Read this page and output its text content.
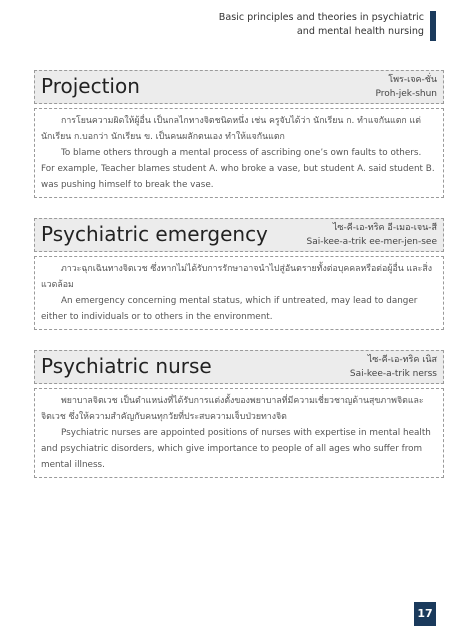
Basic principles and theories in psychiatric
and mental health nursing
Projection	โพร-เจค-ชั่น
Proh-jek-shun

การโยนความผิดให้ผู้อื่น เป็นกลไกทางจิตชนิดหนึ่ง เช่น ครูจับได้ว่า นักเรียน ก. ทำแจกันแตก แต่นักเรียน ก.บอกว่า นักเรียน ข. เป็นคนผลักตนเอง ทำให้แจกันแตก

To blame others through a mental process of ascribing one’s own faults to others. For example, Teacher blames student A. who broke a vase, but student A. said student B. was pushing himself to break the vase.

Psychiatric emergency	ไซ-คี-เอ-ทริค อี-เมอ-เจน-สี
Sai-kee-a-trik ee-mer-jen-see

ภาวะฉุกเฉินทางจิตเวช ซึ่งหากไม่ได้รับการรักษาอาจนำไปสู่อันตรายทั้งต่อบุคคลหรือต่อผู้อื่น และสิ่งแวดล้อม

An emergency concerning mental status, which if untreated, may lead to danger either to individuals or to others in the environment.

Psychiatric nurse	ไซ-คี-เอ-ทริค เนิส
Sai-kee-a-trik nerss

พยาบาลจิตเวช เป็นตำแหน่งที่ได้รับการแต่งตั้งของพยาบาลที่มีความเชี่ยวชาญด้านสุขภาพจิตและจิตเวช ซึ่งให้ความสำคัญกับคนทุกวัยที่ประสบความเจ็บป่วยทางจิต

Psychiatric nurses are appointed positions of nurses with expertise in mental health and psychiatric disorders, which give importance to people of all ages who suffer from mental illness.

17
